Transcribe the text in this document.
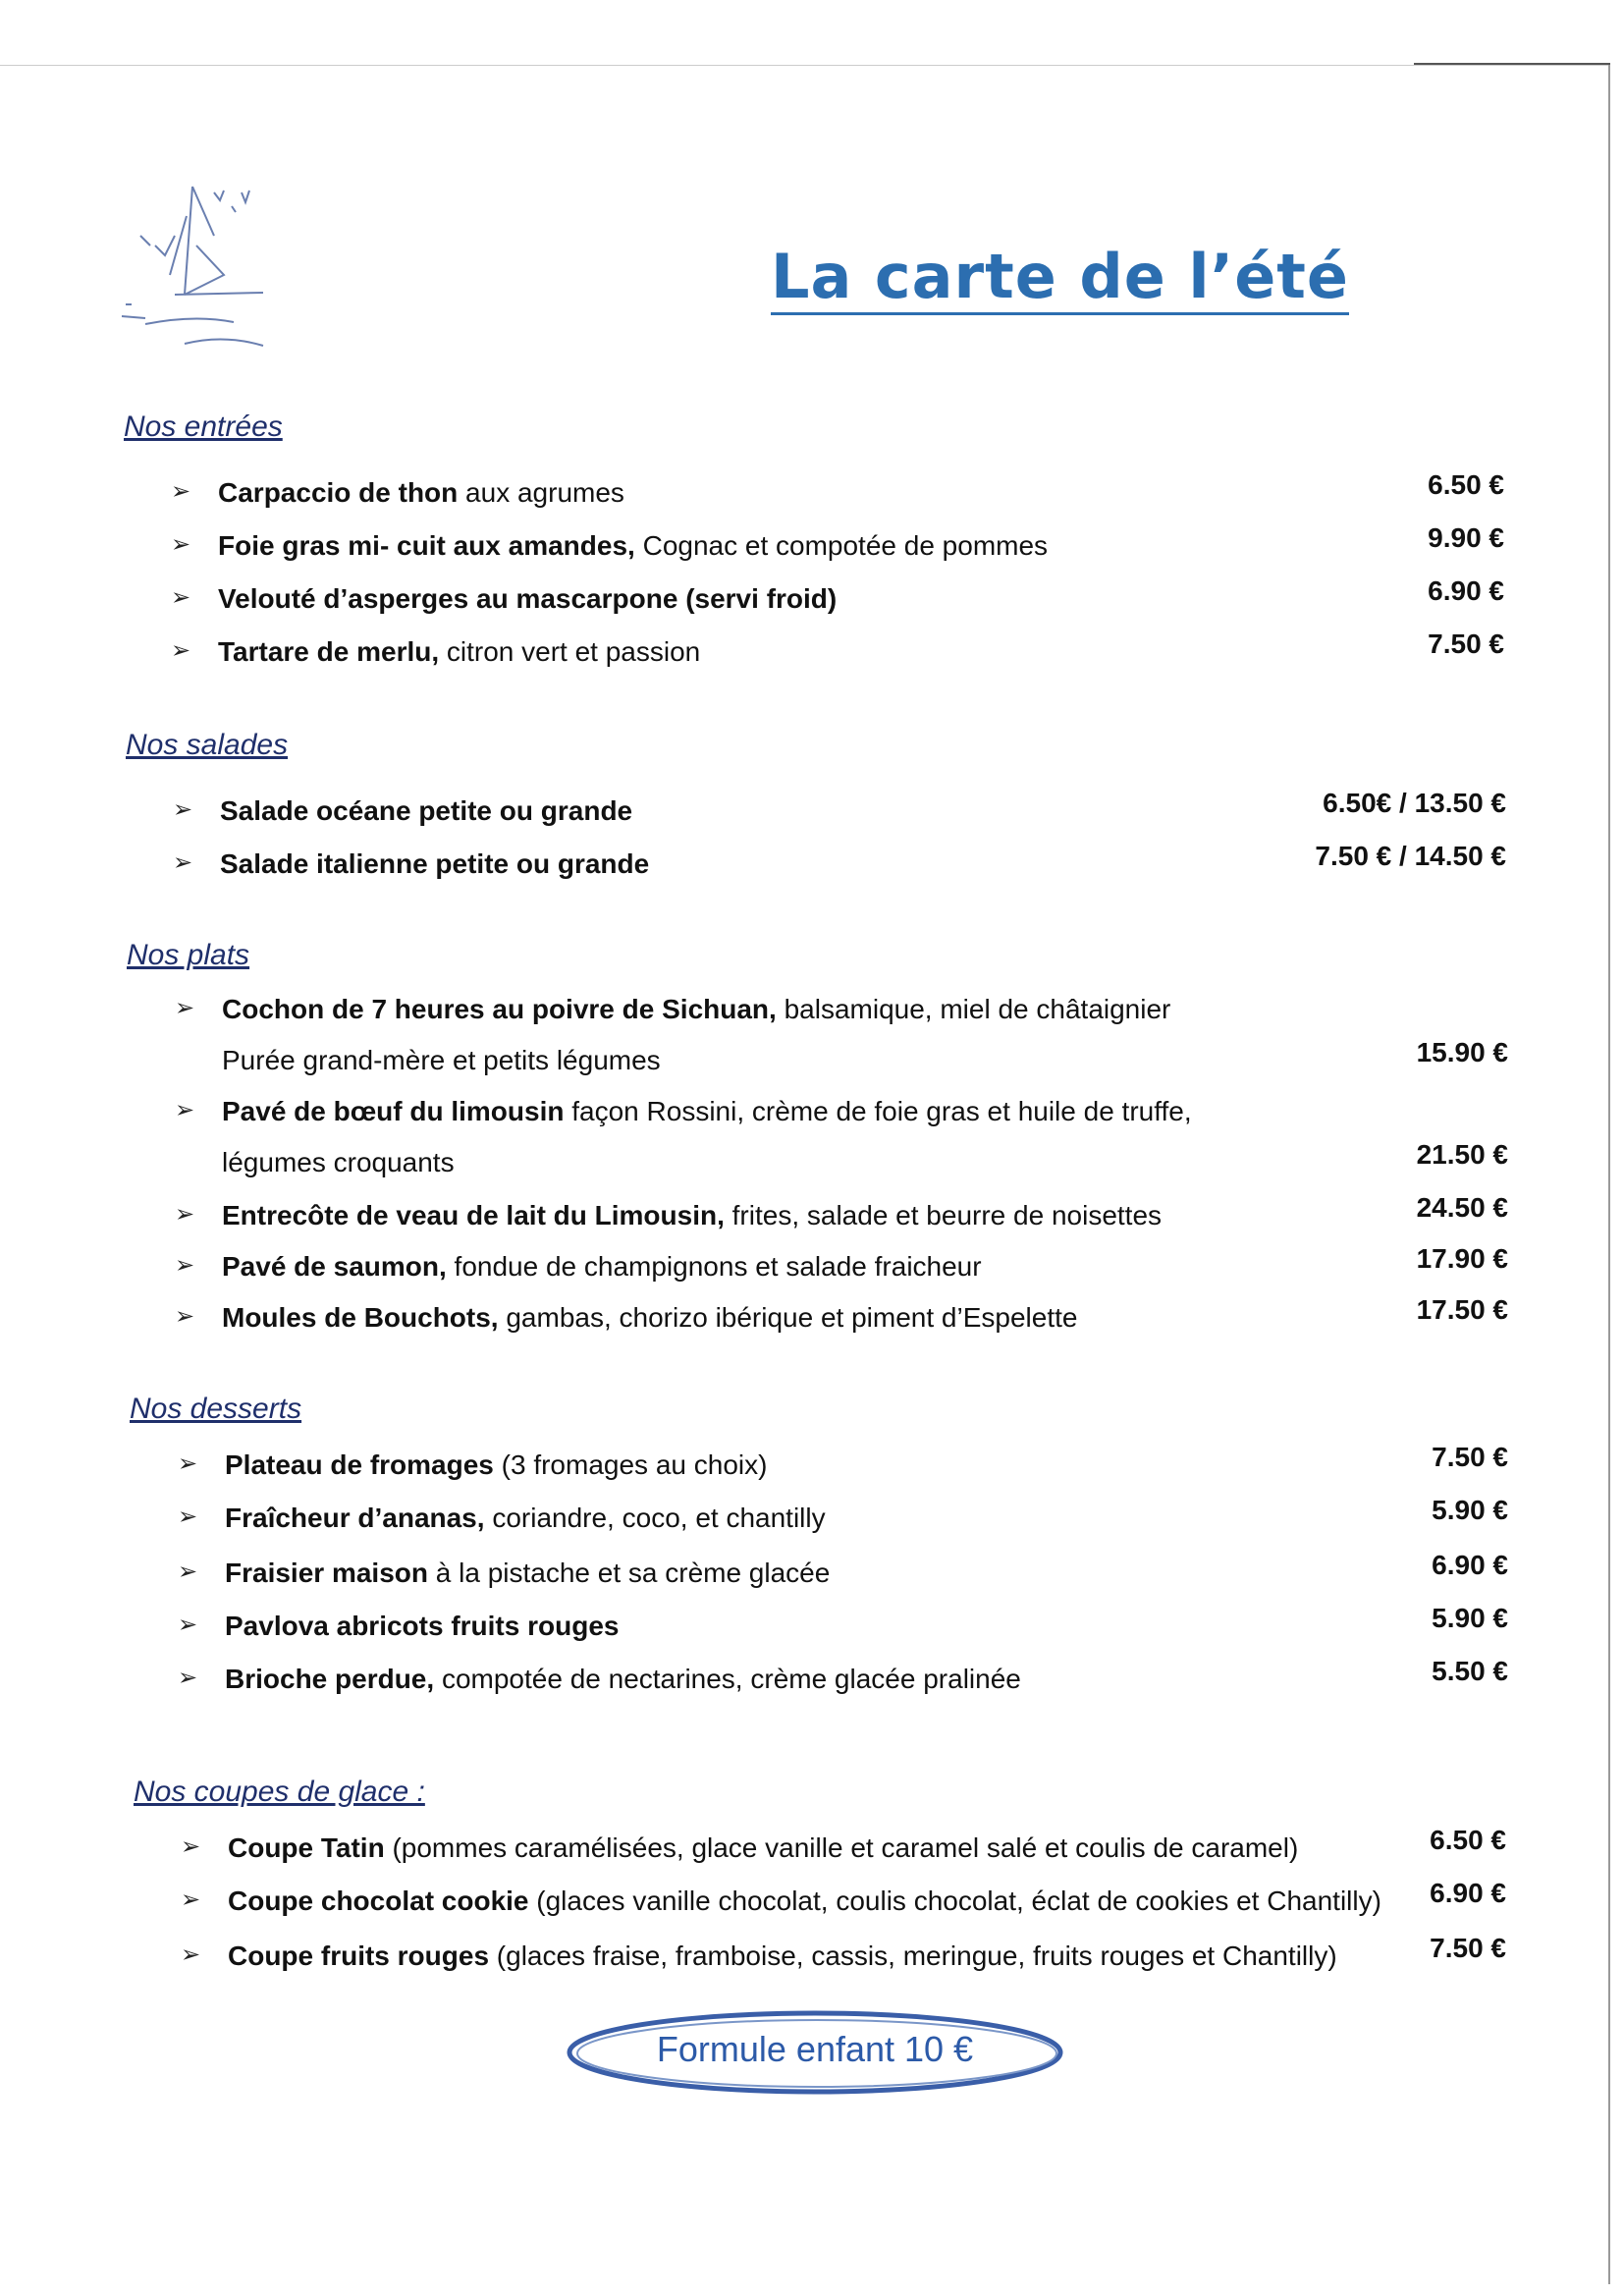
La carte de l’été
Nos entrées
➢ Carpaccio de thon aux agrumes	6.50 €
➢ Foie gras mi- cuit aux amandes, Cognac et compotée de pommes	9.90 €
➢ Velouté d’asperges au mascarpone (servi froid)	6.90 €
➢ Tartare de merlu, citron vert et passion	7.50 €
Nos salades
➢ Salade océane petite ou grande	6.50€ / 13.50 €
➢ Salade italienne petite ou grande	7.50 € / 14.50 €
Nos plats
➢ Cochon de 7 heures au poivre de Sichuan, balsamique, miel de châtaignier
Purée grand-mère et petits légumes	15.90 €
➢ Pavé de bœuf du limousin façon Rossini, crème de foie gras et huile de truffe,
légumes croquants	21.50 €
➢ Entrecôte de veau de lait du Limousin, frites, salade et beurre de noisettes	24.50 €
➢ Pavé de saumon, fondue de champignons et salade fraicheur	17.90 €
➢ Moules de Bouchots, gambas, chorizo ibérique et piment d’Espelette	17.50 €
Nos desserts
➢ Plateau de fromages (3 fromages au choix)	7.50 €
➢ Fraîcheur d’ananas, coriandre, coco, et chantilly	5.90 €
➢ Fraisier maison à la pistache et sa crème glacée	6.90 €
➢ Pavlova abricots fruits rouges	5.90 €
➢ Brioche perdue, compotée de nectarines, crème glacée pralinée	5.50 €
Nos coupes de glace :
➢ Coupe Tatin (pommes caramélisées, glace vanille et caramel salé et coulis de caramel)	6.50 €
➢ Coupe chocolat cookie (glaces vanille chocolat, coulis chocolat, éclat de cookies et Chantilly) 6.90 €
➢ Coupe fruits rouges (glaces fraise, framboise, cassis, meringue, fruits rouges et Chantilly)	7.50 €
Formule enfant 10 €
